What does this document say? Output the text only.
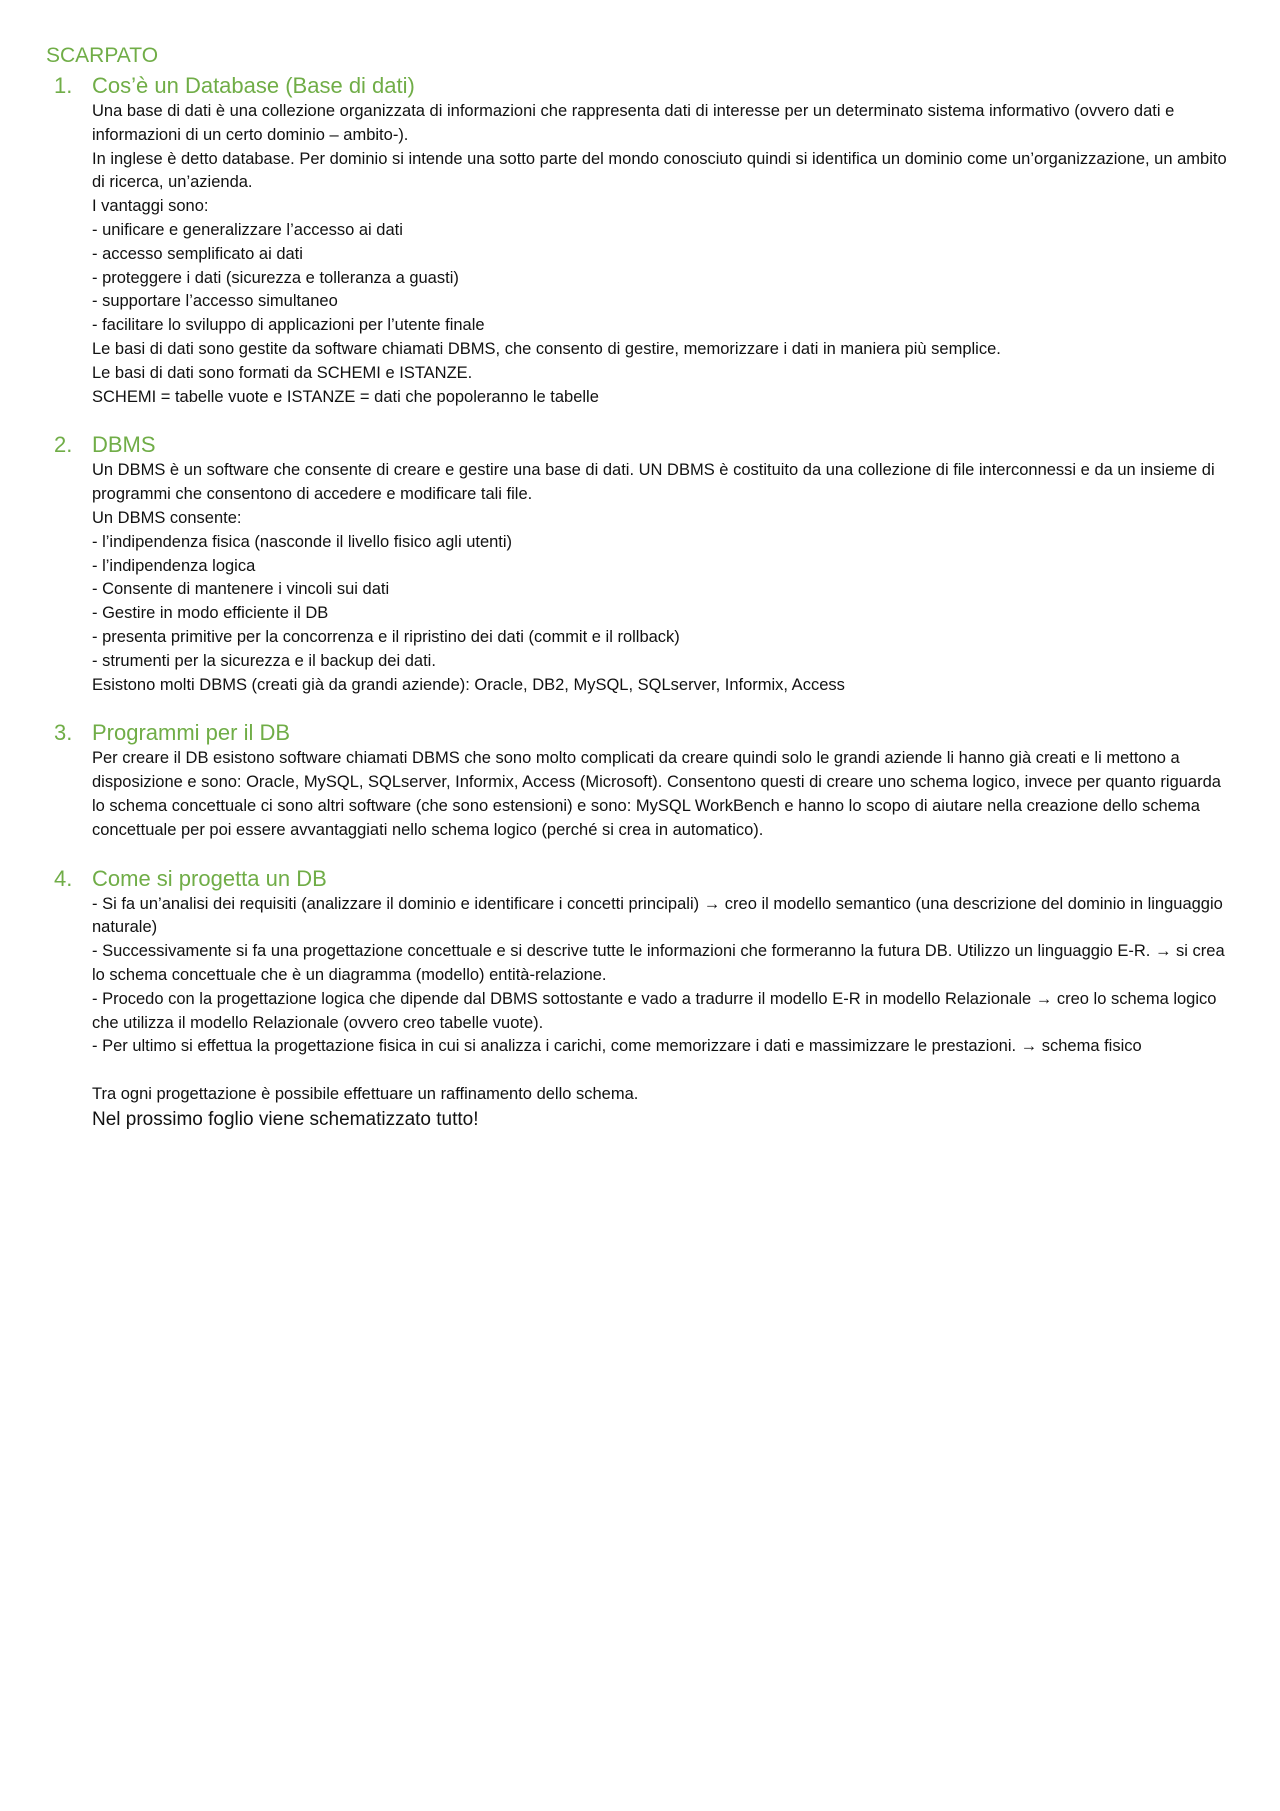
SCARPATO
1. Cos’è un Database (Base di dati)

Una base di dati è una collezione organizzata di informazioni che rappresenta dati di interesse per un determinato sistema informativo (ovvero dati e informazioni di un certo dominio – ambito-).

In inglese è detto database. Per dominio si intende una sotto parte del mondo conosciuto quindi si identifica un dominio come un’organizzazione, un ambito di ricerca, un’azienda.

I vantaggi sono:

- unificare e generalizzare l’accesso ai dati

- accesso semplificato ai dati

- proteggere i dati (sicurezza e tolleranza a guasti)

- supportare l’accesso simultaneo

- facilitare lo sviluppo di applicazioni per l’utente finale

Le basi di dati sono gestite da software chiamati DBMS, che consento di gestire, memorizzare i dati in maniera più semplice.

Le basi di dati sono formati da SCHEMI e ISTANZE.

SCHEMI = tabelle vuote e ISTANZE = dati che popoleranno le tabelle

2. DBMS

Un DBMS è un software che consente di creare e gestire una base di dati. UN DBMS è costituito da una collezione di file interconnessi e da un insieme di programmi che consentono di accedere e modificare tali file.

Un DBMS consente:

- l’indipendenza fisica (nasconde il livello fisico agli utenti)

- l’indipendenza logica

- Consente di mantenere i vincoli sui dati

- Gestire in modo efficiente il DB

- presenta primitive per la concorrenza e il ripristino dei dati (commit e il rollback)

- strumenti per la sicurezza e il backup dei dati.

Esistono molti DBMS (creati già da grandi aziende): Oracle, DB2, MySQL, SQLserver, Informix, Access

3. Programmi per il DB

Per creare il DB esistono software chiamati DBMS che sono molto complicati da creare quindi solo le grandi aziende li hanno già creati e li mettono a disposizione e sono: Oracle, MySQL, SQLserver, Informix, Access (Microsoft). Consentono questi di creare uno schema logico, invece per quanto riguarda lo schema concettuale ci sono altri software (che sono estensioni) e sono: MySQL WorkBench e hanno lo scopo di aiutare nella creazione dello schema concettuale per poi essere avvantaggiati nello schema logico (perché si crea in automatico).

4. Come si progetta un DB

- Si fa un’analisi dei requisiti (analizzare il dominio e identificare i concetti principali) → creo il modello semantico (una descrizione del dominio in linguaggio naturale)

- Successivamente si fa una progettazione concettuale e si descrive tutte le informazioni che formeranno la futura DB. Utilizzo un linguaggio E-R. → si crea lo schema concettuale che è un diagramma (modello) entità-relazione.

- Procedo con la progettazione logica che dipende dal DBMS sottostante e vado a tradurre il modello E-R in modello Relazionale → creo lo schema logico che utilizza il modello Relazionale (ovvero creo tabelle vuote).

- Per ultimo si effettua la progettazione fisica in cui si analizza i carichi, come memorizzare i dati e massimizzare le prestazioni. → schema fisico

Tra ogni progettazione è possibile effettuare un raffinamento dello schema.

Nel prossimo foglio viene schematizzato tutto!
